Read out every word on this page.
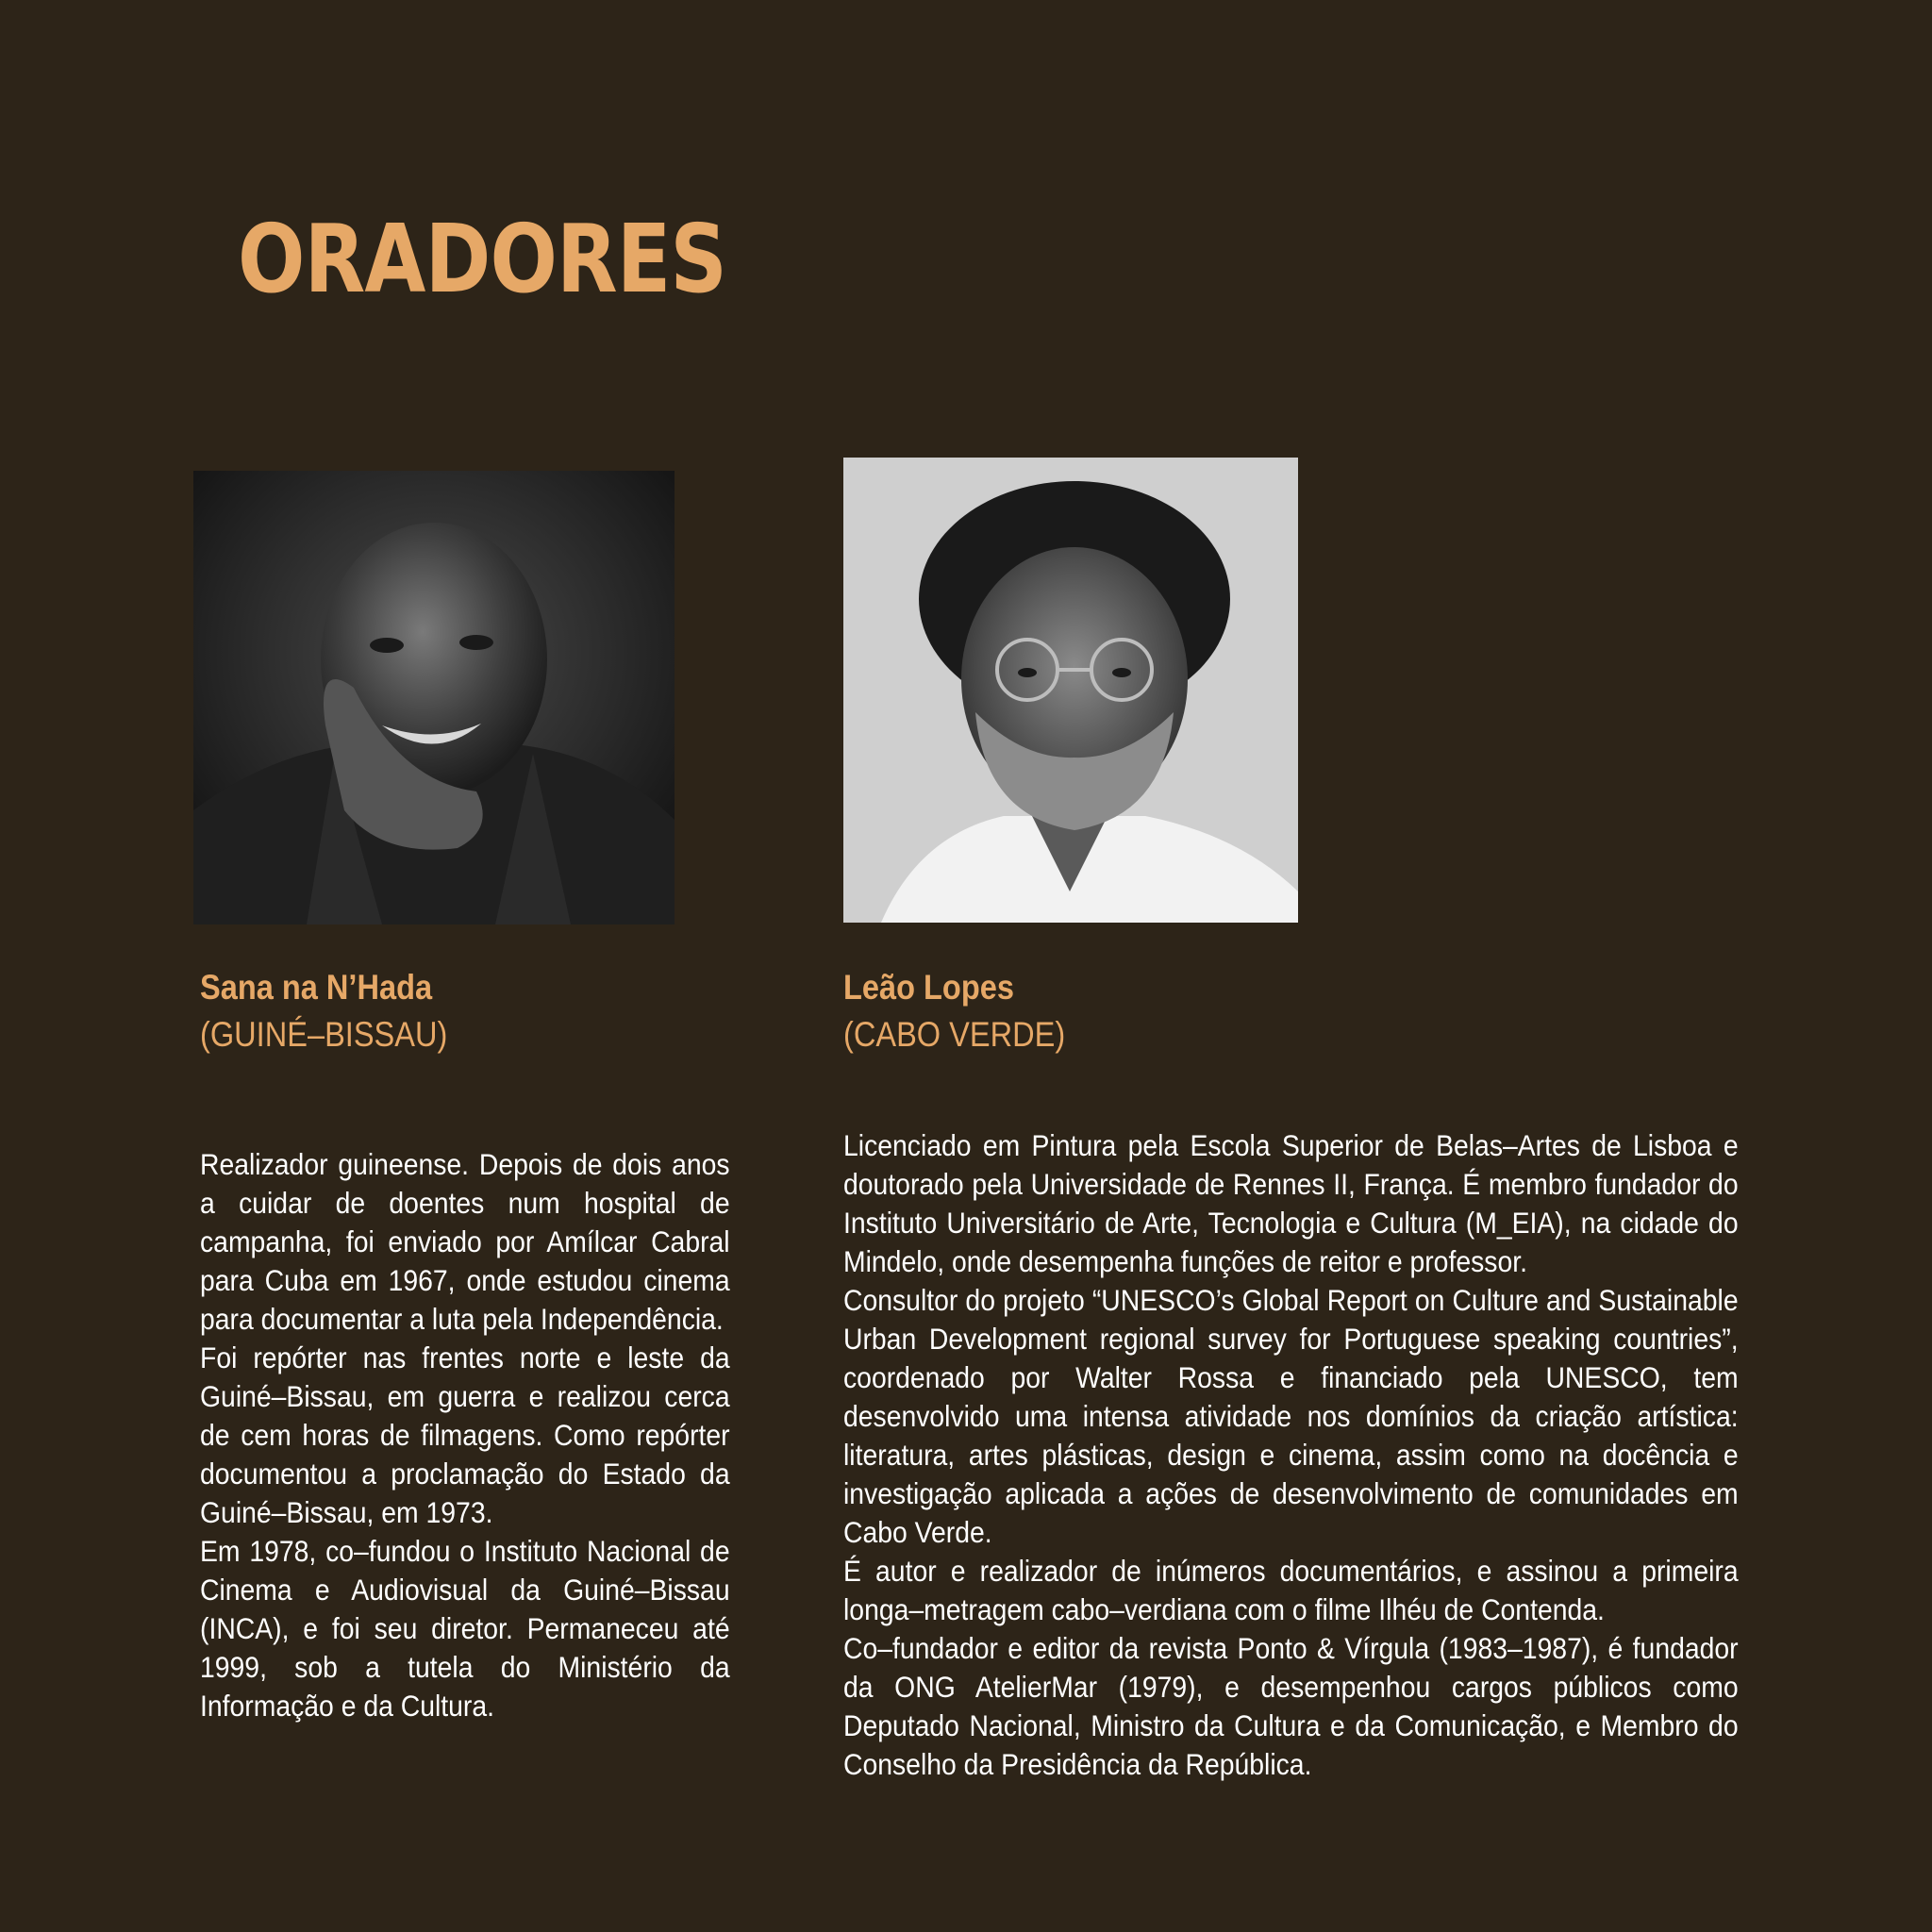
ORADORES
Sana na N’Hada
(GUINÉ–BISSAU)

Realizador guineense. Depois de dois anos a cuidar de doentes num hospital de campanha, foi enviado por Amílcar Cabral para Cuba em 1967, onde estudou cinema para documentar a luta pela Independência.

Foi repórter nas frentes norte e leste da Guiné–Bissau, em guerra e realizou cerca de cem horas de filmagens. Como repórter documentou a proclamação do Estado da Guiné–Bissau, em 1973.

Em 1978, co–fundou o Instituto Nacional de Cinema e Audiovisual da Guiné–Bissau (INCA), e foi seu diretor. Permaneceu até 1999, sob a tutela do Ministério da Informação e da Cultura.

Leão Lopes
(CABO VERDE)

Licenciado em Pintura pela Escola Superior de Belas–Artes de Lisboa e doutorado pela Universidade de Rennes II, França. É membro fundador do Instituto Universitário de Arte, Tecnologia e Cultura (M_EIA), na cidade do Mindelo, onde desempenha funções de reitor e professor.

Consultor do projeto “UNESCO’s Global Report on Culture and Sustainable Urban Development regional survey for Portuguese speaking countries”, coordenado por Walter Rossa e financiado pela UNESCO, tem desenvolvido uma intensa atividade nos domínios da criação artística: literatura, artes plásticas, design e cinema, assim como na docência e investigação aplicada a ações de desenvolvimento de comunidades em Cabo Verde.

É autor e realizador de inúmeros documentários, e assinou a primeira longa–metragem cabo–verdiana com o filme Ilhéu de Contenda.

Co–fundador e editor da revista Ponto & Vírgula (1983–1987), é fundador da ONG AtelierMar (1979), e desempenhou cargos públicos como Deputado Nacional, Ministro da Cultura e da Comunicação, e Membro do Conselho da Presidência da República.
